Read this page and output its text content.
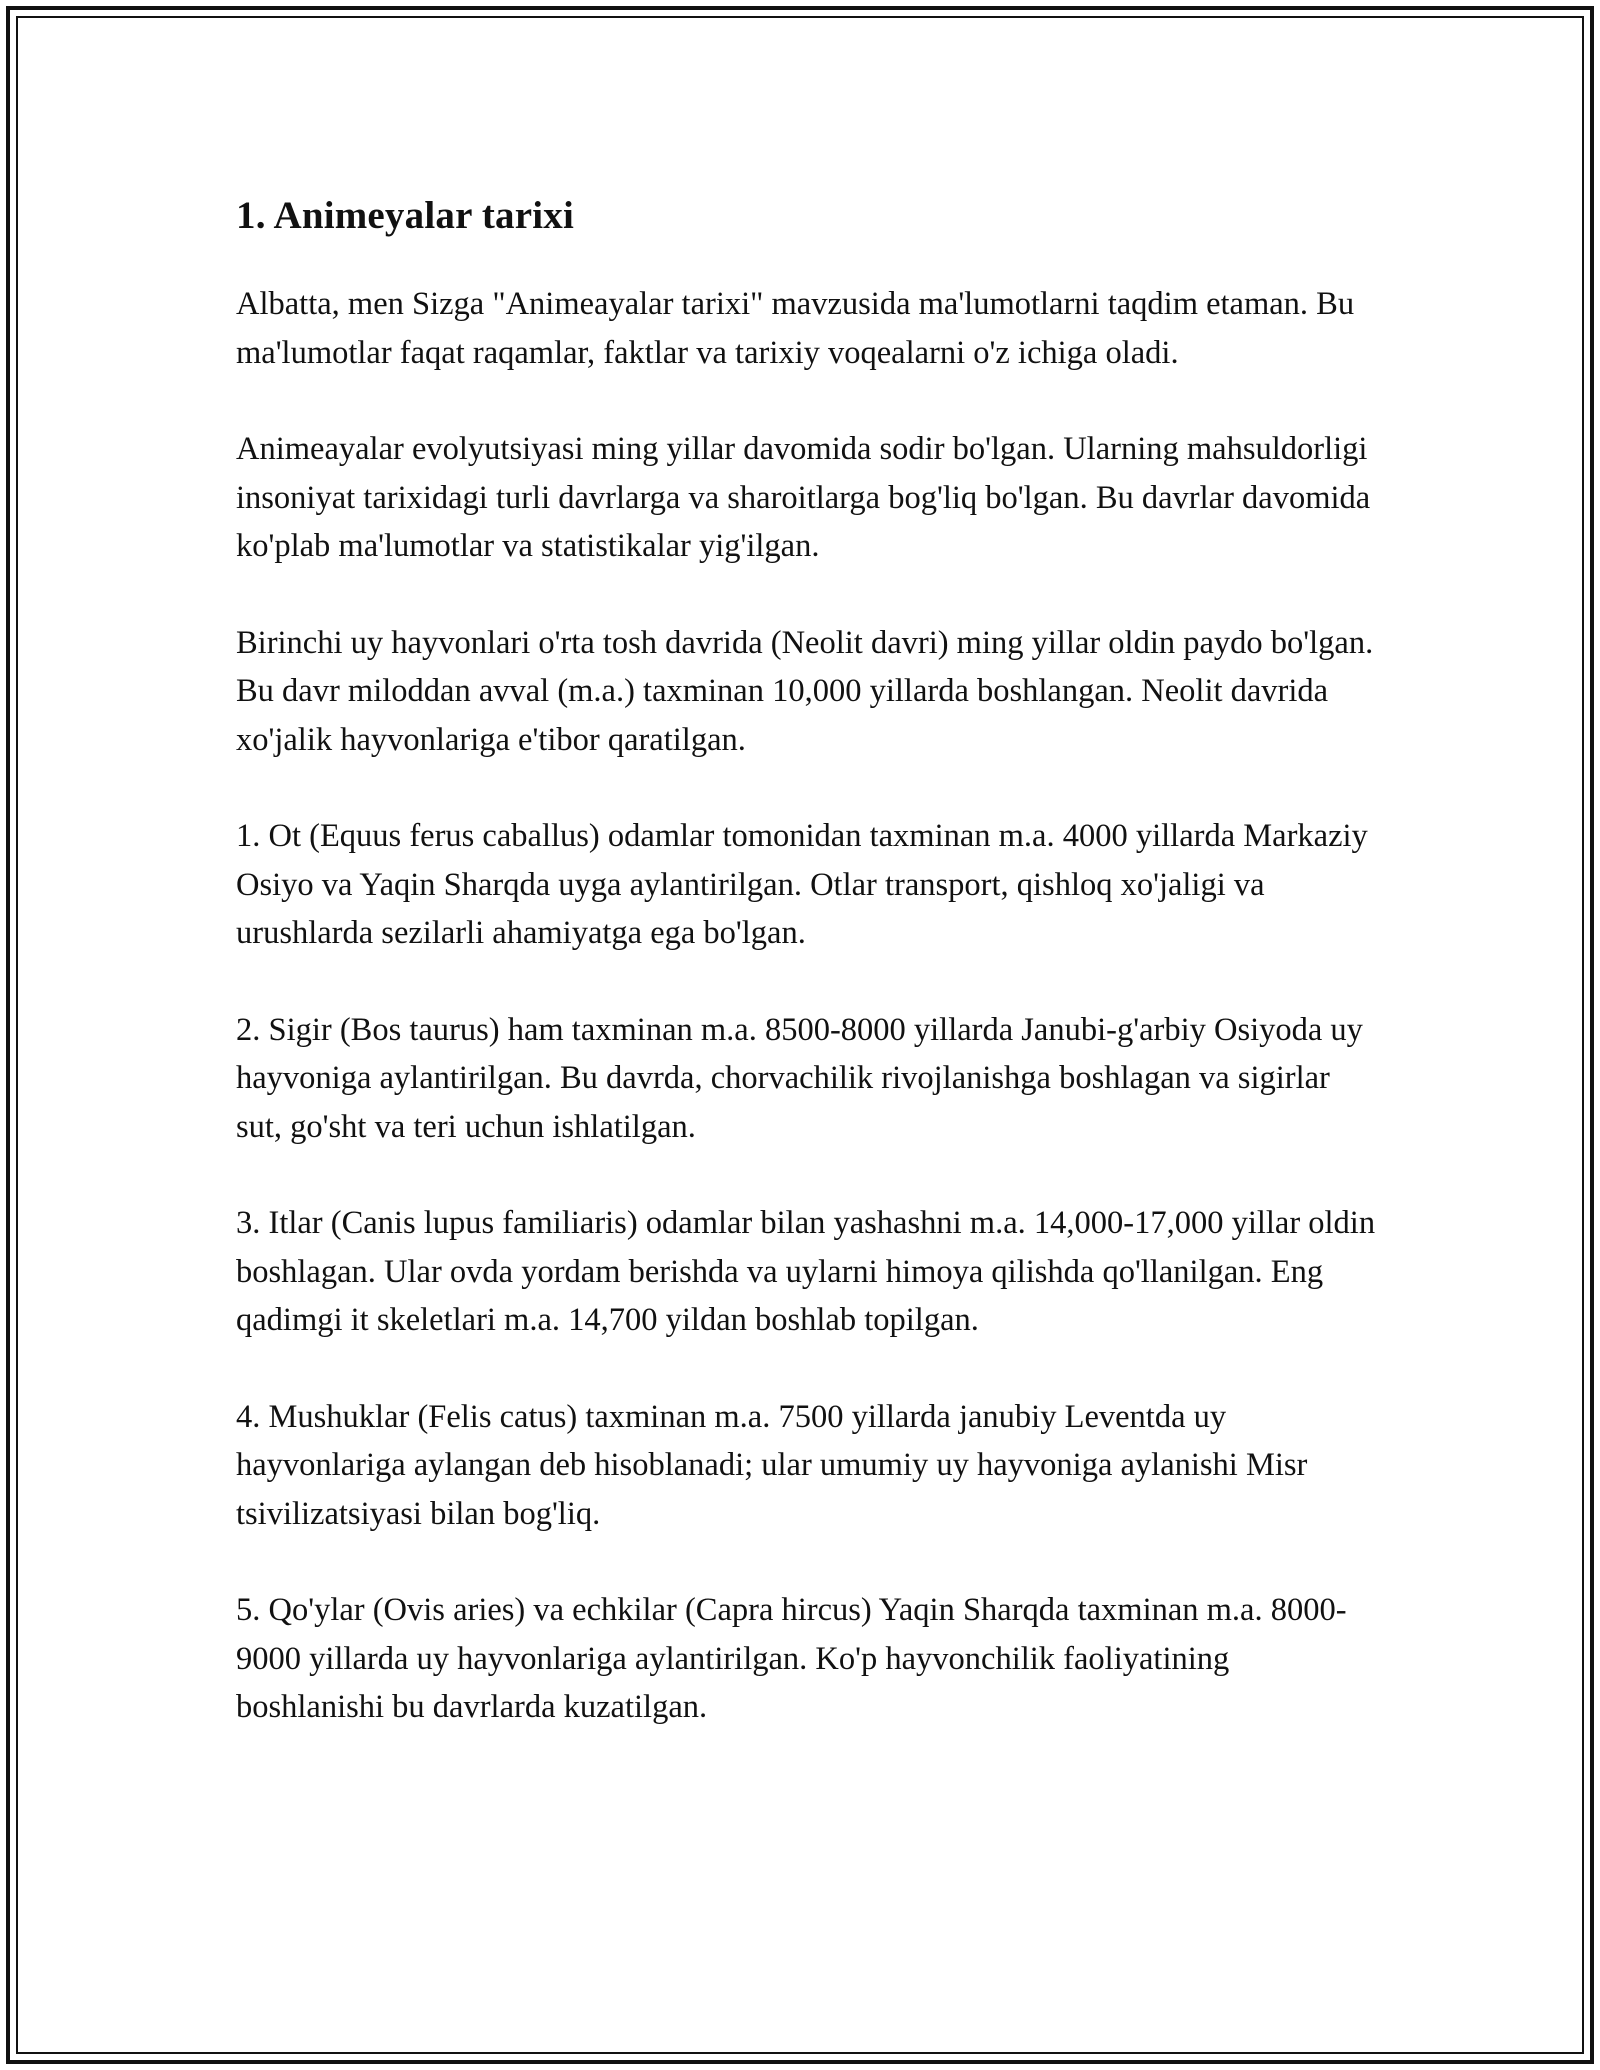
1. Animeyalar tarixi

Albatta, men Sizga "Animeayalar tarixi" mavzusida ma'lumotlarni taqdim etaman. Bu ma'lumotlar faqat raqamlar, faktlar va tarixiy voqealarni o'z ichiga oladi.

Animeayalar evolyutsiyasi ming yillar davomida sodir bo'lgan. Ularning mahsuldorligi insoniyat tarixidagi turli davrlarga va sharoitlarga bog'liq bo'lgan. Bu davrlar davomida ko'plab ma'lumotlar va statistikalar yig'ilgan.

Birinchi uy hayvonlari o'rta tosh davrida (Neolit davri) ming yillar oldin paydo bo'lgan. Bu davr miloddan avval (m.a.) taxminan 10,000 yillarda boshlangan. Neolit davrida xo'jalik hayvonlariga e'tibor qaratilgan.

1. Ot (Equus ferus caballus) odamlar tomonidan taxminan m.a. 4000 yillarda Markaziy Osiyo va Yaqin Sharqda uyga aylantirilgan. Otlar transport, qishloq xo'jaligi va urushlarda sezilarli ahamiyatga ega bo'lgan.

2. Sigir (Bos taurus) ham taxminan m.a. 8500-8000 yillarda Janubi-g'arbiy Osiyoda uy hayvoniga aylantirilgan. Bu davrda, chorvachilik rivojlanishga boshlagan va sigirlar sut, go'sht va teri uchun ishlatilgan.

3. Itlar (Canis lupus familiaris) odamlar bilan yashashni m.a. 14,000-17,000 yillar oldin boshlagan. Ular ovda yordam berishda va uylarni himoya qilishda qo'llanilgan. Eng qadimgi it skeletlari m.a. 14,700 yildan boshlab topilgan.

4. Mushuklar (Felis catus) taxminan m.a. 7500 yillarda janubiy Leventda uy hayvonlariga aylangan deb hisoblanadi; ular umumiy uy hayvoniga aylanishi Misr tsivilizatsiyasi bilan bog'liq.

5. Qo'ylar (Ovis aries) va echkilar (Capra hircus) Yaqin Sharqda taxminan m.a. 8000-9000 yillarda uy hayvonlariga aylantirilgan. Ko'p hayvonchilik faoliyatining boshlanishi bu davrlarda kuzatilgan.
